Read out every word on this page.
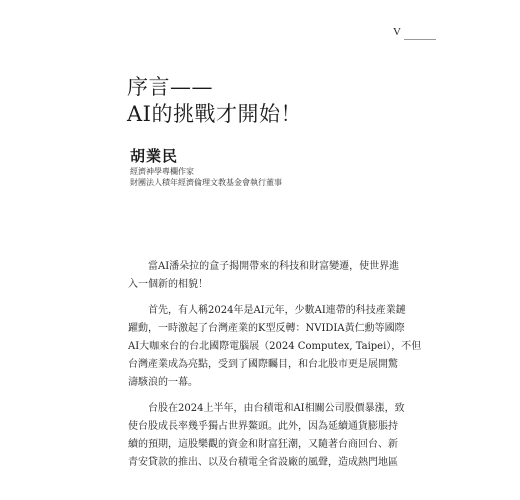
V
序言——
AI的挑戰才開始！
胡業民
經濟神學專欄作家
財團法人積年經濟倫理文教基金會執行董事

當AI潘朵拉的盒子揭開帶來的科技和財富變遷，使世界進
入一個新的相貌！

首先，有人稱2024年是AI元年，少數AI連帶的科技產業鏈
躍動，一時激起了台灣產業的K型反轉：NVIDIA黃仁勳等國際
AI大咖來台的台北國際電腦展（2024 Computex, Taipei），不但
台灣產業成為亮點，受到了國際矚目，和台北股市更是展開驚
濤駭浪的一幕。

台股在2024上半年，由台積電和AI相關公司股價暴漲，致
使台股成長率幾乎獨占世界鰲頭。此外，因為延續通貨膨脹持
續的預期，這股樂觀的資金和財富狂潮，又隨著台商回台、新
青安貸款的推出、以及台積電全省設廠的風聲，造成熱門地區
